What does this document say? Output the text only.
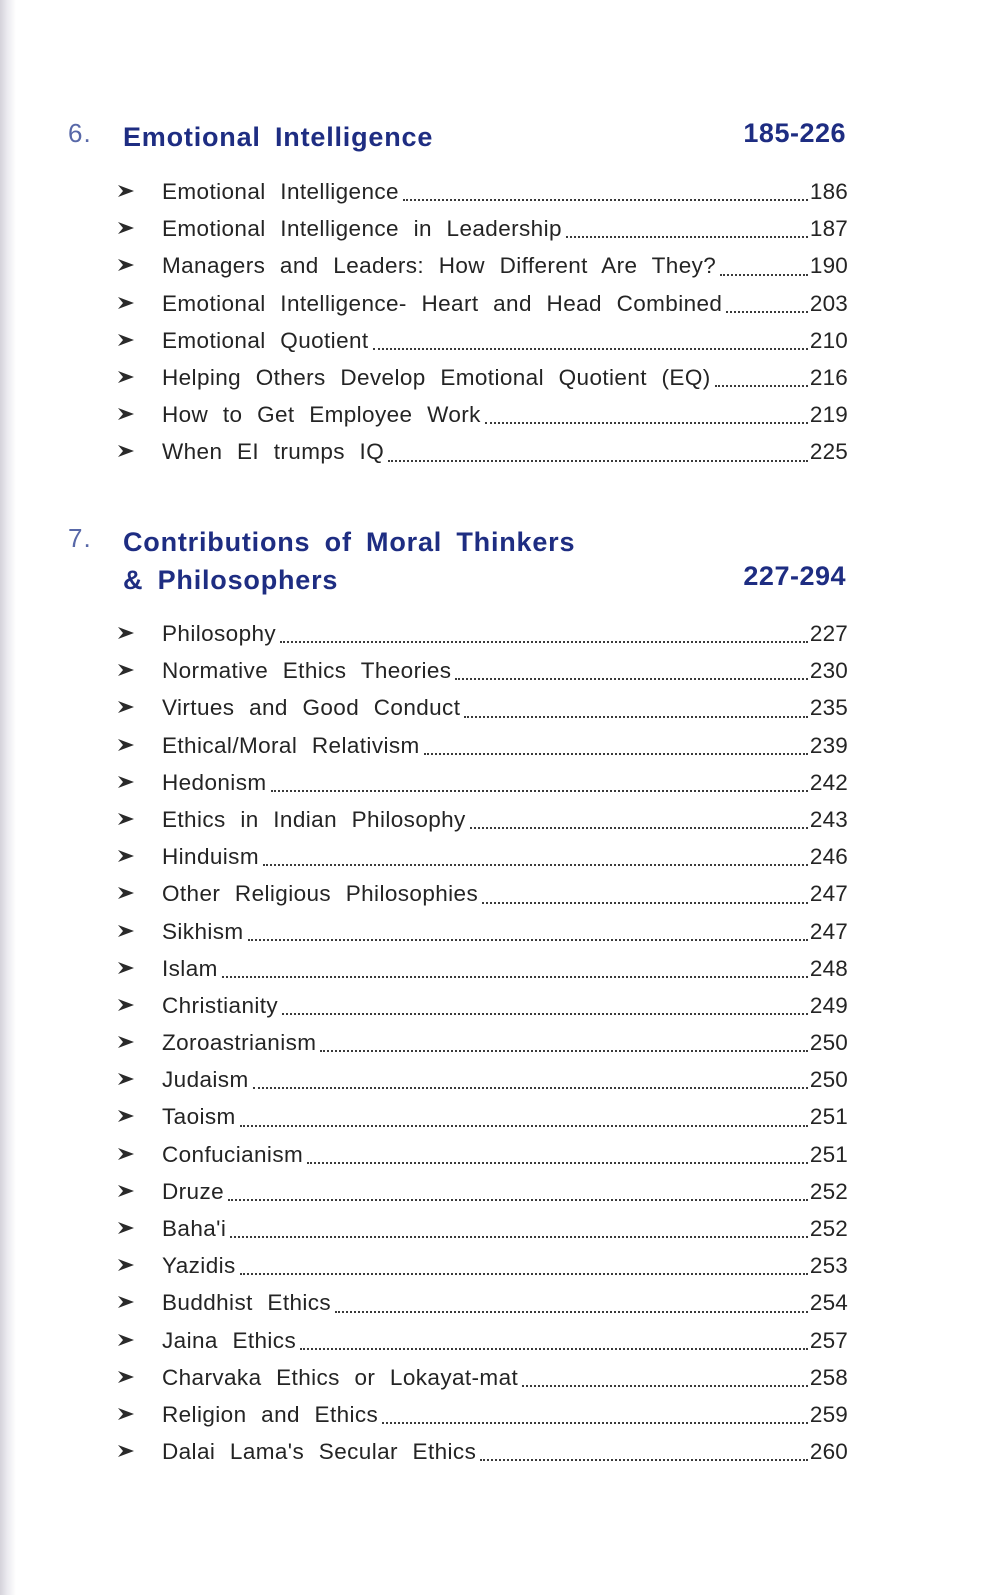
6. Emotional Intelligence	185-226
Emotional Intelligence	186
Emotional Intelligence in Leadership	187
Managers and Leaders: How Different Are They?	190
Emotional Intelligence- Heart and Head Combined	203
Emotional Quotient	210
Helping Others Develop Emotional Quotient (EQ)	216
How to Get Employee Work	219
When EI trumps IQ	225
7. Contributions of Moral Thinkers
& Philosophers	227-294
Philosophy	227
Normative Ethics Theories	230
Virtues and Good Conduct	235
Ethical/Moral Relativism	239
Hedonism	242
Ethics in Indian Philosophy	243
Hinduism	246
Other Religious Philosophies	247
Sikhism	247
Islam	248
Christianity	249
Zoroastrianism	250
Judaism	250
Taoism	251
Confucianism	251
Druze	252
Baha'i	252
Yazidis	253
Buddhist Ethics	254
Jaina Ethics	257
Charvaka Ethics or Lokayat-mat	258
Religion and Ethics	259
Dalai Lama's Secular Ethics	260
